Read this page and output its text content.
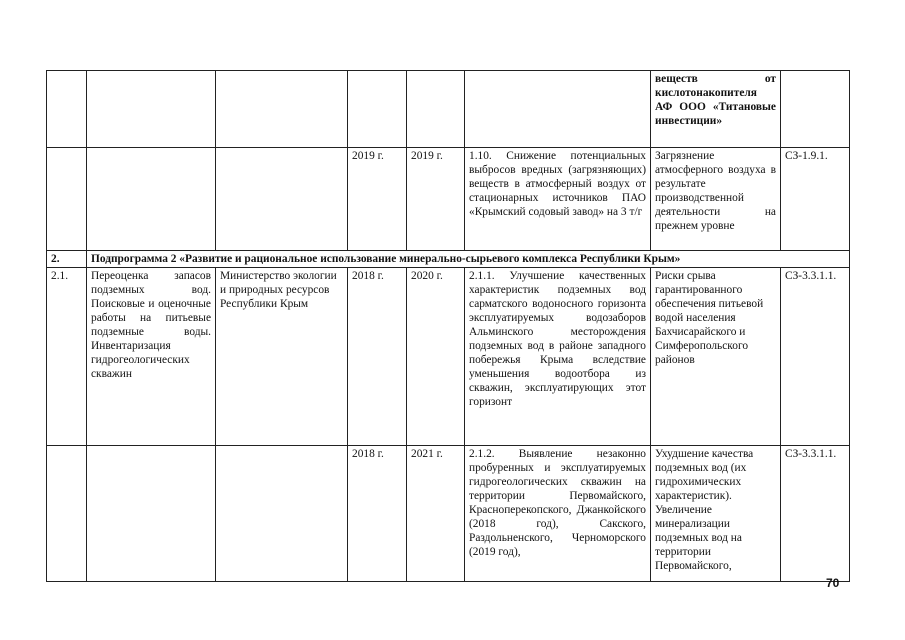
						веществ от кислотонакопителя АФ ООО «Титановые инвестиции»	
			2019 г.	2019 г.	1.10. Снижение потенциальных выбросов вредных (загрязняющих) веществ в атмосферный воздух от стационарных источников ПАО «Крымский содовый завод» на 3 т/г	Загрязнение атмосферного воздуха в результате производственной деятельности на прежнем уровне	СЗ-1.9.1.
2.	Подпрограмма 2 «Развитие и рациональное использование минерально-сырьевого комплекса Республики Крым»						
2.1.	Переоценка запасов подземных вод. Поисковые и оценочные работы на питьевые подземные воды. Инвентаризация гидрогеологических скважин	Министерство экологии и природных ресурсов Республики Крым	2018 г.	2020 г.	2.1.1. Улучшение качественных характеристик подземных вод сарматского водоносного горизонта эксплуатируемых водозаборов Альминского месторождения подземных вод в районе западного побережья Крыма вследствие уменьшения водоотбора из скважин, эксплуатирующих этот горизонт	Риски срыва гарантированного обеспечения питьевой водой населения Бахчисарайского и Симферопольского районов	СЗ-3.3.1.1.
			2018 г.	2021 г.	2.1.2. Выявление незаконно пробуренных и эксплуатируемых гидрогеологических скважин на территории Первомайского, Красноперекопского, Джанкойского (2018 год), Сакского, Раздольненского, Черноморского (2019 год),	Ухудшение качества подземных вод (их гидрохимических характеристик). Увеличение минерализации подземных вод на территории Первомайского,	СЗ-3.3.1.1.
70
